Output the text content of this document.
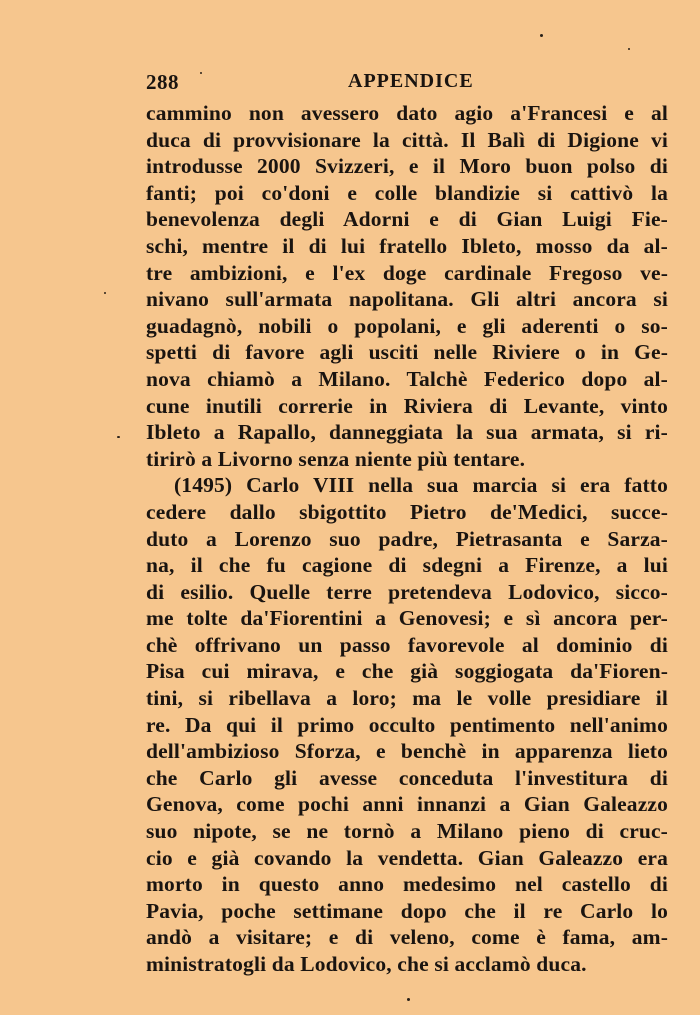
288	APPENDICE
cammino non avessero dato agio a'Francesi e al
duca di provvisionare la città. Il Balì di Digione vi
introdusse 2000 Svizzeri, e il Moro buon polso di
fanti; poi co'doni e colle blandizie si cattivò la
benevolenza degli Adorni e di Gian Luigi Fie-
schi, mentre il di lui fratello Ibleto, mosso da al-
tre ambizioni, e l'ex doge cardinale Fregoso ve-
nivano sull'armata napolitana. Gli altri ancora si
guadagnò, nobili o popolani, e gli aderenti o so-
spetti di favore agli usciti nelle Riviere o in Ge-
nova chiamò a Milano. Talchè Federico dopo al-
cune inutili correrie in Riviera di Levante, vinto
Ibleto a Rapallo, danneggiata la sua armata, si ri-
tirirò a Livorno senza niente più tentare.
(1495) Carlo VIII nella sua marcia si era fatto
cedere dallo sbigottito Pietro de'Medici, succe-
duto a Lorenzo suo padre, Pietrasanta e Sarza-
na, il che fu cagione di sdegni a Firenze, a lui
di esilio. Quelle terre pretendeva Lodovico, sicco-
me tolte da'Fiorentini a Genovesi; e sì ancora per-
chè offrivano un passo favorevole al dominio di
Pisa cui mirava, e che già soggiogata da'Fioren-
tini, si ribellava a loro; ma le volle presidiare il
re. Da qui il primo occulto pentimento nell'animo
dell'ambizioso Sforza, e benchè in apparenza lieto
che Carlo gli avesse conceduta l'investitura di
Genova, come pochi anni innanzi a Gian Galeazzo
suo nipote, se ne tornò a Milano pieno di cruc-
cio e già covando la vendetta. Gian Galeazzo era
morto in questo anno medesimo nel castello di
Pavia, poche settimane dopo che il re Carlo lo
andò a visitare; e di veleno, come è fama, am-
ministratogli da Lodovico, che si acclamò duca.
